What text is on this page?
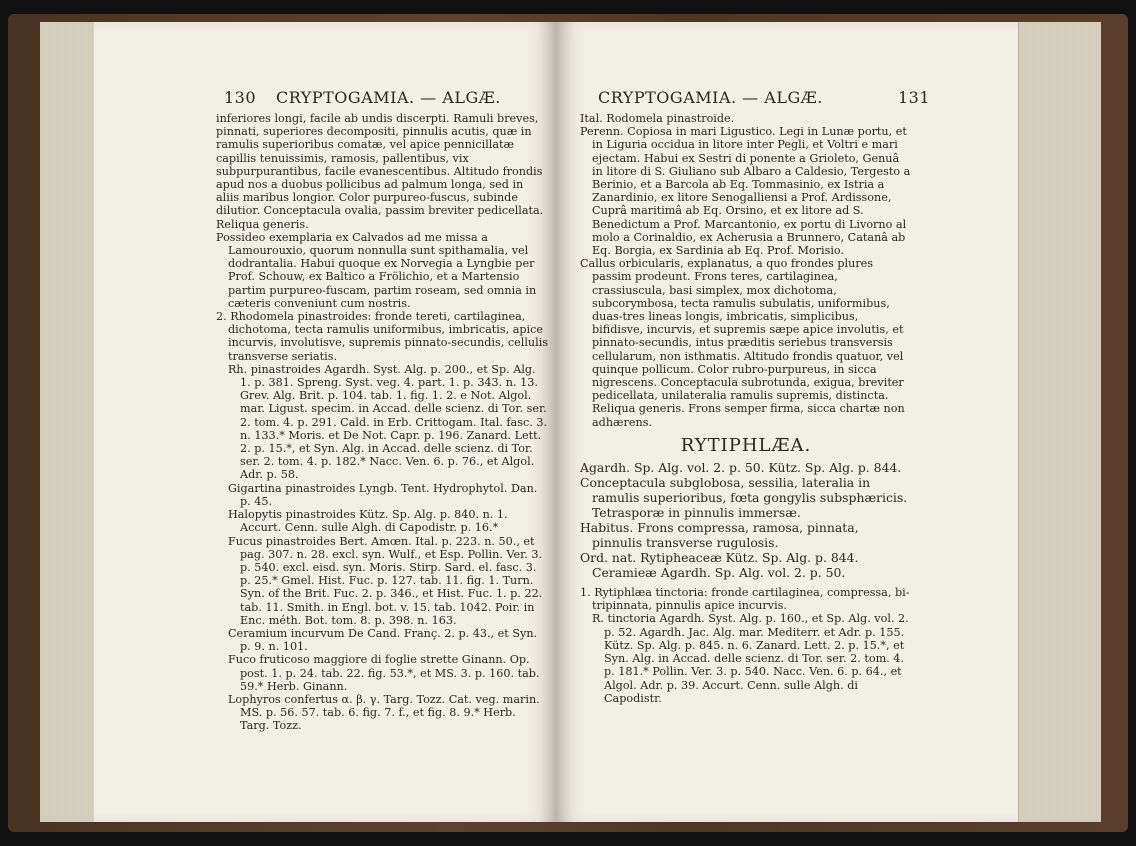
130 CRYPTOGAMIA. — ALGÆ.

inferiores longi, facile ab undis discerpti. Ramuli breves, pinnati, superiores decompositi, pinnulis acutis, quæ in ramulis superioribus comatæ, vel apice pennicillatæ capillis tenuissimis, ramosis, pallentibus, vix subpurpurantibus, facile evanescentibus. Altitudo frondis apud nos a duobus pollicibus ad palmum longa, sed in aliis maribus longior. Color purpureo-fuscus, subinde dilutior. Conceptacula ovalia, passim breviter pedicellata. Reliqua generis.

Possideo exemplaria ex Calvados ad me missa a Lamourouxio, quorum nonnulla sunt spithamalia, vel dodrantalia. Habui quoque ex Norvegia a Lyngbie per Prof. Schouw, ex Baltico a Frölichio, et a Martensio partim purpureo-fuscam, partim roseam, sed omnia in cæteris conveniunt cum nostris.

2. Rhodomela pinastroides: fronde tereti, cartilaginea, dichotoma, tecta ramulis uniformibus, imbricatis, apice incurvis, involutisve, supremis pinnato-secundis, cellulis transverse seriatis.

Rh. pinastroides Agardh. Syst. Alg. p. 200., et Sp. Alg. 1. p. 381. Spreng. Syst. veg. 4. part. 1. p. 343. n. 13. Grev. Alg. Brit. p. 104. tab. 1. fig. 1. 2. e Not. Algol. mar. Ligust. specim. in Accad. delle scienz. di Tor. ser. 2. tom. 4. p. 291. Cald. in Erb. Crittogam. Ital. fasc. 3. n. 133.* Moris. et De Not. Capr. p. 196. Zanard. Lett. 2. p. 15.*, et Syn. Alg. in Accad. delle scienz. di Tor. ser. 2. tom. 4. p. 182.* Nacc. Ven. 6. p. 76., et Algol. Adr. p. 58.

Gigartina pinastroides Lyngb. Tent. Hydrophytol. Dan. p. 45.

Halopytis pinastroides Kütz. Sp. Alg. p. 840. n. 1. Accurt. Cenn. sulle Algh. di Capodistr. p. 16.*

Fucus pinastroides Bert. Amœn. Ital. p. 223. n. 50., et pag. 307. n. 28. excl. syn. Wulf., et Esp. Pollin. Ver. 3. p. 540. excl. eisd. syn. Moris. Stirp. Sard. el. fasc. 3. p. 25.* Gmel. Hist. Fuc. p. 127. tab. 11. fig. 1. Turn. Syn. of the Brit. Fuc. 2. p. 346., et Hist. Fuc. 1. p. 22. tab. 11. Smith. in Engl. bot. v. 15. tab. 1042. Poir. in Enc. méth. Bot. tom. 8. p. 398. n. 163.

Ceramium incurvum De Cand. Franç. 2. p. 43., et Syn. p. 9. n. 101.

Fuco fruticoso maggiore di foglie strette Ginann. Op. post. 1. p. 24. tab. 22. fig. 53.*, et MS. 3. p. 160. tab. 59.* Herb. Ginann.

Lophyros confertus α. β. γ. Targ. Tozz. Cat. veg. marin. MS. p. 56. 57. tab. 6. fig. 7. f., et fig. 8. 9.* Herb. Targ. Tozz.

CRYPTOGAMIA. — ALGÆ.	131

Ital. Rodomela pinastroide.

Perenn. Copiosa in mari Ligustico. Legi in Lunæ portu, et in Liguria occidua in litore inter Pegli, et Voltri e mari ejectam. Habui ex Sestri di ponente a Grioleto, Genuâ in litore di S. Giuliano sub Albaro a Caldesio, Tergesto a Berinio, et a Barcola ab Eq. Tommasinio, ex Istria a Zanardinio, ex litore Senogalliensi a Prof. Ardissone, Cuprâ maritimâ ab Eq. Orsino, et ex litore ad S. Benedictum a Prof. Marcantonio, ex portu di Livorno al molo a Corinaldio, ex Acherusia a Brunnero, Catanâ ab Eq. Borgia, ex Sardinia ab Eq. Prof. Morisio.

Callus orbicularis, explanatus, a quo frondes plures passim prodeunt. Frons teres, cartilaginea, crassiuscula, basi simplex, mox dichotoma, subcorymbosa, tecta ramulis subulatis, uniformibus, duas-tres lineas longis, imbricatis, simplicibus, bifidisve, incurvis, et supremis sæpe apice involutis, et pinnato-secundis, intus præditis seriebus transversis cellularum, non isthmatis. Altitudo frondis quatuor, vel quinque pollicum. Color rubro-purpureus, in sicca nigrescens. Conceptacula subrotunda, exigua, breviter pedicellata, unilateralia ramulis supremis, distincta. Reliqua generis. Frons semper firma, sicca chartæ non adhærens.

RYTIPHLÆA.

Agardh. Sp. Alg. vol. 2. p. 50. Kütz. Sp. Alg. p. 844.

Conceptacula subglobosa, sessilia, lateralia in ramulis superioribus, fœta gongylis subsphæricis. Tetrasporæ in pinnulis immersæ.

Habitus. Frons compressa, ramosa, pinnata, pinnulis transverse rugulosis.

Ord. nat. Rytipheaceæ Kütz. Sp. Alg. p. 844. Ceramieæ Agardh. Sp. Alg. vol. 2. p. 50.

1. Rytiphlæa tinctoria: fronde cartilaginea, compressa, bi-tripinnata, pinnulis apice incurvis.

R. tinctoria Agardh. Syst. Alg. p. 160., et Sp. Alg. vol. 2. p. 52. Agardh. Jac. Alg. mar. Mediterr. et Adr. p. 155. Kütz. Sp. Alg. p. 845. n. 6. Zanard. Lett. 2. p. 15.*, et Syn. Alg. in Accad. delle scienz. di Tor. ser. 2. tom. 4. p. 181.* Pollin. Ver. 3. p. 540. Nacc. Ven. 6. p. 64., et Algol. Adr. p. 39. Accurt. Cenn. sulle Algh. di Capodistr.
